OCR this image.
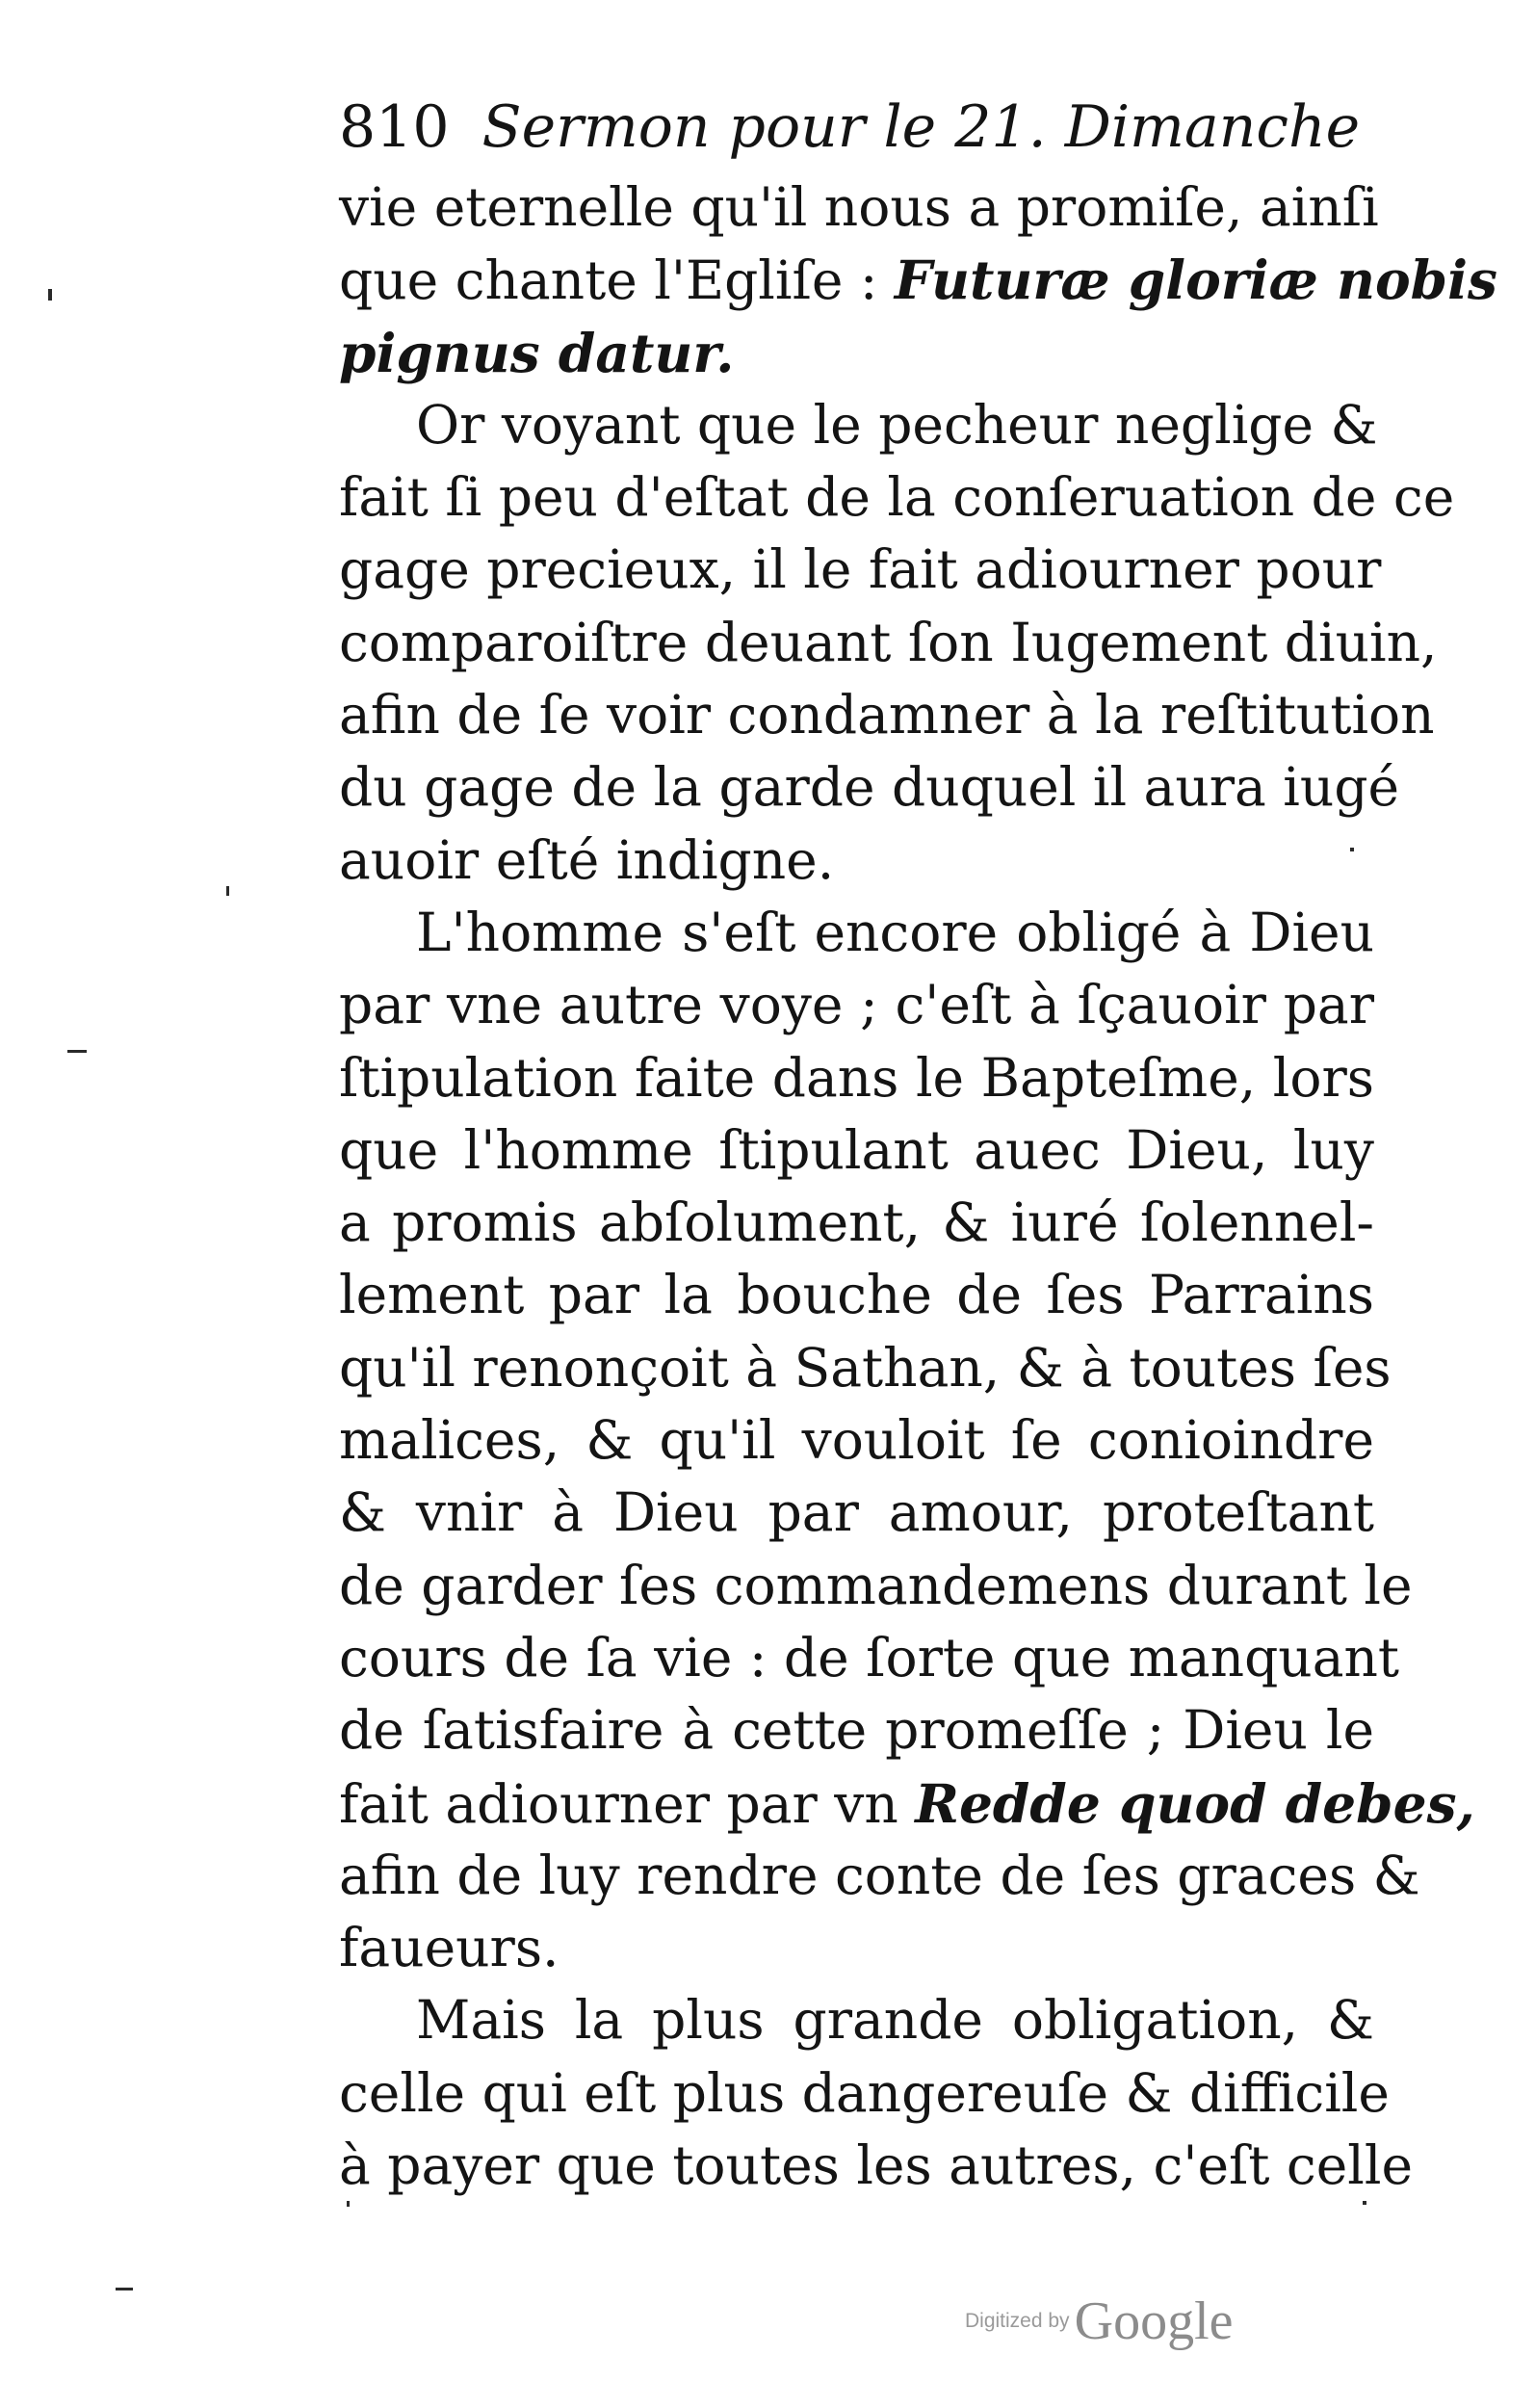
810 Sermon pour le 21. Dimanche
vie eternelle qu'il nous a promiſe, ainſi
que chante l'Egliſe : Futuræ gloriæ nobis
pignus datur.
Or voyant que le pecheur neglige &
fait ſi peu d'eſtat de la conſeruation de ce
gage precieux, il le fait adiourner pour
comparoiſtre deuant ſon Iugement diuin,
afin de ſe voir condamner à la reſtitution
du gage de la garde duquel il aura iugé
auoir eſté indigne.
L'homme s'eſt encore obligé à Dieu
par vne autre voye ; c'eſt à ſçauoir par
ſtipulation faite dans le Bapteſme, lors
que l'homme ſtipulant auec Dieu, luy
a promis abſolument, & iuré ſolennel-
lement par la bouche de ſes Parrains
qu'il renonçoit à Sathan, & à toutes ſes
malices, & qu'il vouloit ſe conioindre
& vnir à Dieu par amour, proteſtant
de garder ſes commandemens durant le
cours de ſa vie : de ſorte que manquant
de ſatisfaire à cette promeſſe ; Dieu le
fait adiourner par vn Redde quod debes,
afin de luy rendre conte de ſes graces &
faueurs.
Mais la plus grande obligation, &
celle qui eſt plus dangereuſe & difficile
à payer que toutes les autres, c'eſt celle
Digitized by Google
